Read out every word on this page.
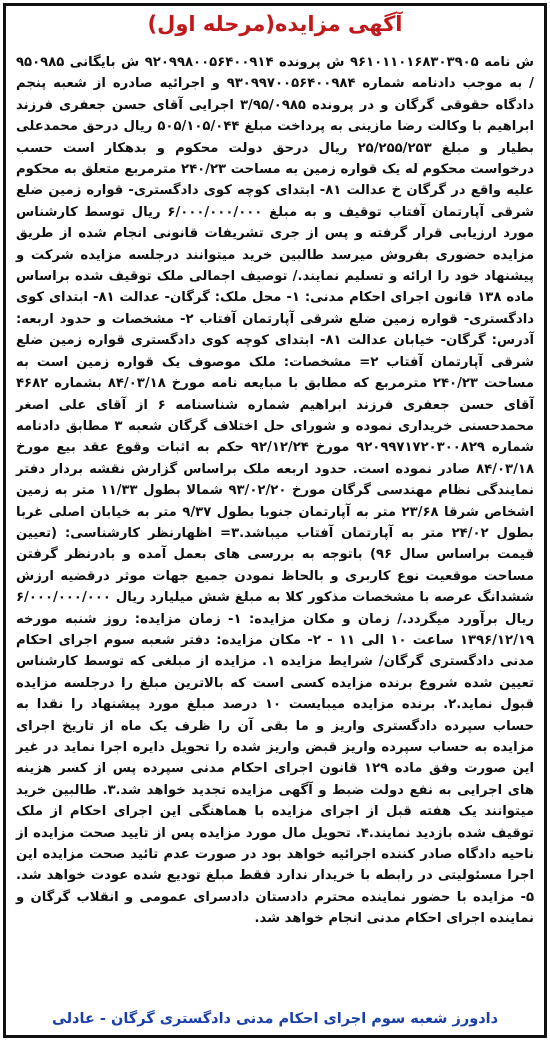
آگهی مزایده(مرحله اول)

ش نامه ۹۶۱۰۱۱۰۱۶۸۳۰۳۹۰۵ ش پرونده ۹۲۰۹۹۸۰۰۵۶۴۰۰۹۱۴ ش بایگانی ۹۵۰۹۸۵ / به موجب دادنامه شماره ۹۳۰۹۹۷۰۰۵۶۴۰۰۹۸۴ و اجرائیه صادره از شعبه پنجم دادگاه حقوقی گرگان و در پرونده ۳/۹۵/۰۹۸۵ اجرایی آقای حسن جعفری فرزند ابراهیم با وکالت رضا مازینی به پرداخت مبلغ ۵۰۵/۱۰۵/۰۴۴ ریال درحق محمدعلی بطیار و مبلغ ۲۵/۲۵۵/۲۵۳ ریال درحق دولت محکوم و بدهکار است حسب درخواست محکوم له یک قواره زمین به مساحت ۲۴۰/۲۳ مترمربع متعلق به محکوم علیه واقع در گرگان خ عدالت ۸۱- ابتدای کوچه کوی دادگستری- قواره زمین ضلع شرقی آپارتمان آفتاب توقیف و به مبلغ ۶/۰۰۰/۰۰۰/۰۰۰ ریال توسط کارشناس مورد ارزیابی قرار گرفته و پس از جری تشریفات قانونی انجام شده از طریق مزایده حضوری بفروش میرسد طالبین خرید میتوانند درجلسه مزایده شرکت و پیشنهاد خود را ارائه و تسلیم نمایند./ توصیف اجمالی ملک توقیف شده براساس ماده ۱۳۸ قانون اجرای احکام مدنی: ۱- محل ملک: گرگان- عدالت ۸۱- ابتدای کوی دادگستری- قواره زمین ضلع شرقی آپارتمان آفتاب ۲- مشخصات و حدود اربعه: آدرس: گرگان- خیابان عدالت ۸۱- ابتدای کوچه کوی دادگستری قواره زمین ضلع شرقی آپارتمان آفتاب ۲= مشخصات: ملک موصوف یک قواره زمین است به مساحت ۲۴۰/۲۳ مترمربع که مطابق با مبایعه نامه مورخ ۸۴/۰۳/۱۸ بشماره ۴۶۸۲ آقای حسن جعفری فرزند ابراهیم شماره شناسنامه ۶ از آقای علی اصغر محمدحسنی خریداری نموده و شورای حل اختلاف گرگان شعبه ۳ مطابق دادنامه شماره ۹۲۰۹۹۷۱۷۲۰۳۰۰۸۲۹ مورخ ۹۲/۱۲/۲۴ حکم به اثبات وقوع عقد بیع مورخ ۸۴/۰۳/۱۸ صادر نموده است. حدود اربعه ملک براساس گزارش نقشه بردار دفتر نمایندگی نظام مهندسی گرگان مورخ ۹۳/۰۲/۲۰ شمالا بطول ۱۱/۳۳ متر به زمین اشخاص شرقا ۲۳/۶۸ متر به آپارتمان جنوبا بطول ۹/۳۷ متر به خیابان اصلی غربا بطول ۲۴/۰۲ متر به آپارتمان آفتاب میباشد.۳= اظهارنظر کارشناسی: (تعیین قیمت براساس سال ۹۶) باتوجه به بررسی های بعمل آمده و بادرنظر گرفتن مساحت موقعیت نوع کاربری و بالحاظ نمودن جمیع جهات موثر درقضیه ارزش ششدانگ عرصه با مشخصات مذکور کلا به مبلغ شش میلیارد ریال ۶/۰۰۰/۰۰۰/۰۰۰ ریال برآورد میگردد./ زمان و مکان مزایده: ۱- زمان مزایده: روز شنبه مورخه ۱۳۹۶/۱۲/۱۹ ساعت ۱۰ الی ۱۱ - ۲- مکان مزایده: دفتر شعبه سوم اجرای احکام مدنی دادگستری گرگان/ شرایط مزایده ۱. مزایده از مبلغی که توسط کارشناس تعیین شده شروع برنده مزایده کسی است که بالاترین مبلغ را درجلسه مزایده قبول نماید.۲. برنده مزایده میبایست ۱۰ درصد مبلغ مورد پیشنهاد را نقدا به حساب سپرده دادگستری واریز و ما بقی آن را ظرف یک ماه از تاریخ اجرای مزایده به حساب سپرده واریز قبض واریز شده را تحویل دایره اجرا نماید در غیر این صورت وفق ماده ۱۲۹ قانون اجرای احکام مدنی سپرده پس از کسر هزینه های اجرایی به نفع دولت ضبط و آگهی مزایده تجدید خواهد شد.۳. طالبین خرید میتوانند یک هفته قبل از اجرای مزایده با هماهنگی این اجرای احکام از ملک توقیف شده بازدید نمایند.۴. تحویل مال مورد مزایده پس از تایید صحت مزایده از ناحیه دادگاه صادر کننده اجرائیه خواهد بود در صورت عدم تائید صحت مزایده این اجرا مسئولیتی در رابطه با خریدار ندارد فقط مبلغ تودیع شده عودت خواهد شد. ۵- مزایده با حضور نماینده محترم دادستان دادسرای عمومی و انقلاب گرگان و نماینده اجرای احکام مدنی انجام خواهد شد.

دادورز شعبه سوم اجرای احکام مدنی دادگستری گرگان - عادلی
